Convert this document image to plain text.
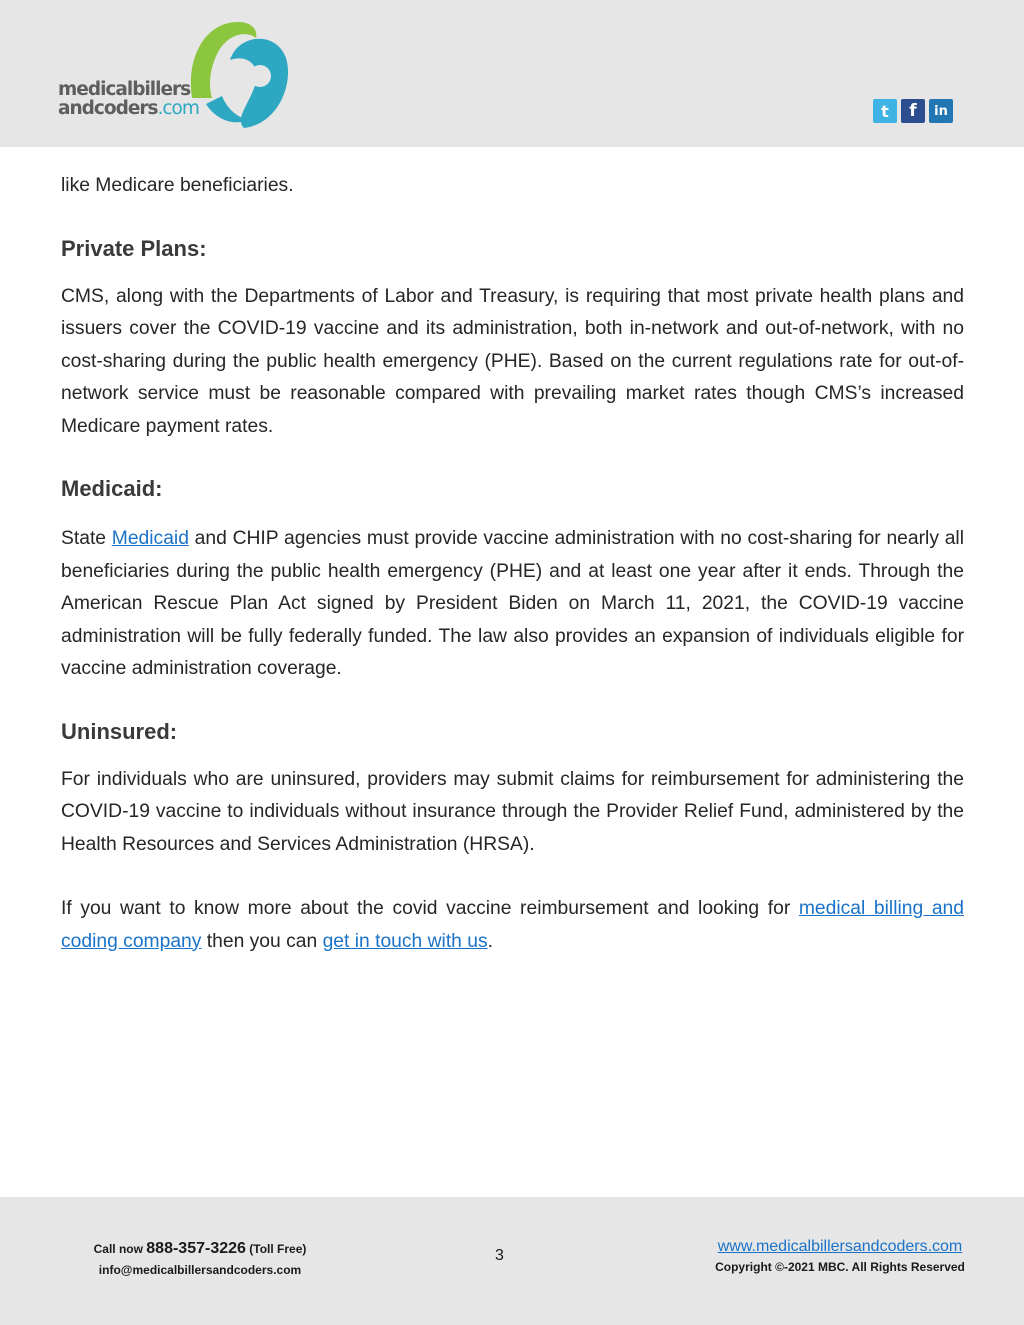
medicalbillers
andcoders.com	t	f	in

like Medicare beneficiaries.

Private Plans:

CMS, along with the Departments of Labor and Treasury, is requiring that most private health plans and issuers cover the COVID-19 vaccine and its administration, both in-network and out-of-network, with no cost-sharing during the public health emergency (PHE). Based on the current regulations rate for out-of-network service must be reasonable compared with prevailing market rates though CMS’s increased Medicare payment rates.

Medicaid:

State Medicaid and CHIP agencies must provide vaccine administration with no cost-sharing for nearly all beneficiaries during the public health emergency (PHE) and at least one year after it ends. Through the American Rescue Plan Act signed by President Biden on March 11, 2021, the COVID-19 vaccine administration will be fully federally funded. The law also provides an expansion of individuals eligible for vaccine administration coverage.

Uninsured:

For individuals who are uninsured, providers may submit claims for reimbursement for administering the COVID-19 vaccine to individuals without insurance through the Provider Relief Fund, administered by the Health Resources and Services Administration (HRSA).

If you want to know more about the covid vaccine reimbursement and looking for medical billing and coding company then you can get in touch with us.

Call now 888-357-3226 (Toll Free)
info@medicalbillersandcoders.com
3
www.medicalbillersandcoders.com
Copyright ©-2021 MBC. All Rights Reserved
